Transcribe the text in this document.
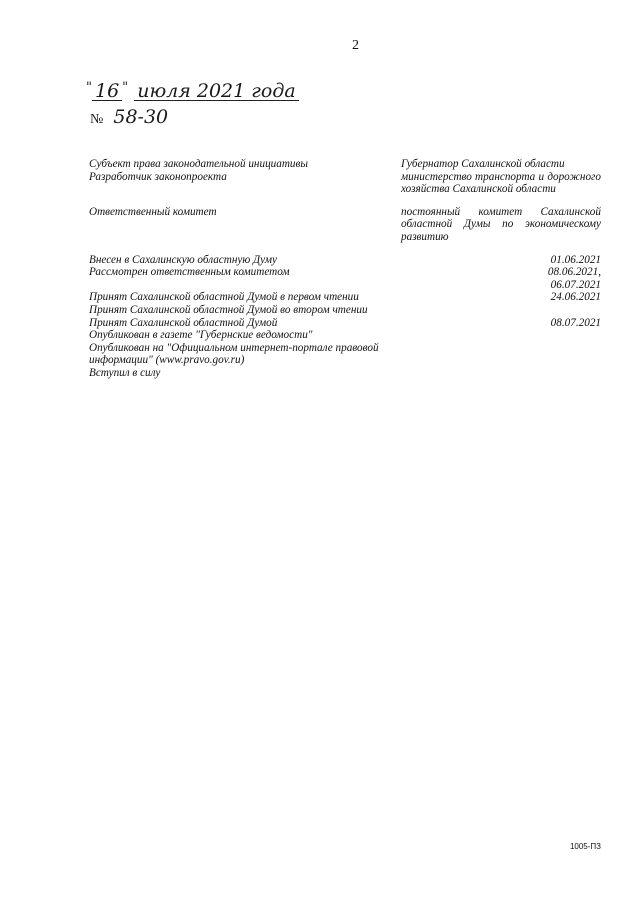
2
" 16 " июля 2021 года
№ 58-30
Субъект права законодательной инициативы	Губернатор Сахалинской области
Разработчик законопроекта	министерство транспорта и дорожного хозяйства Сахалинской области
Ответственный комитет	постоянный комитет Сахалинской областной Думы по экономическому развитию
Внесен в Сахалинскую областную Думу	01.06.2021
Рассмотрен ответственным комитетом	08.06.2021,
06.07.2021
Принят Сахалинской областной Думой в первом чтении	24.06.2021
Принят Сахалинской областной Думой во втором чтении
Принят Сахалинской областной Думой	08.07.2021
Опубликован в газете "Губернские ведомости"
Опубликован на "Официальном интернет-портале правовой информации" (www.pravo.gov.ru)
Вступил в силу
1005-ПЗ
